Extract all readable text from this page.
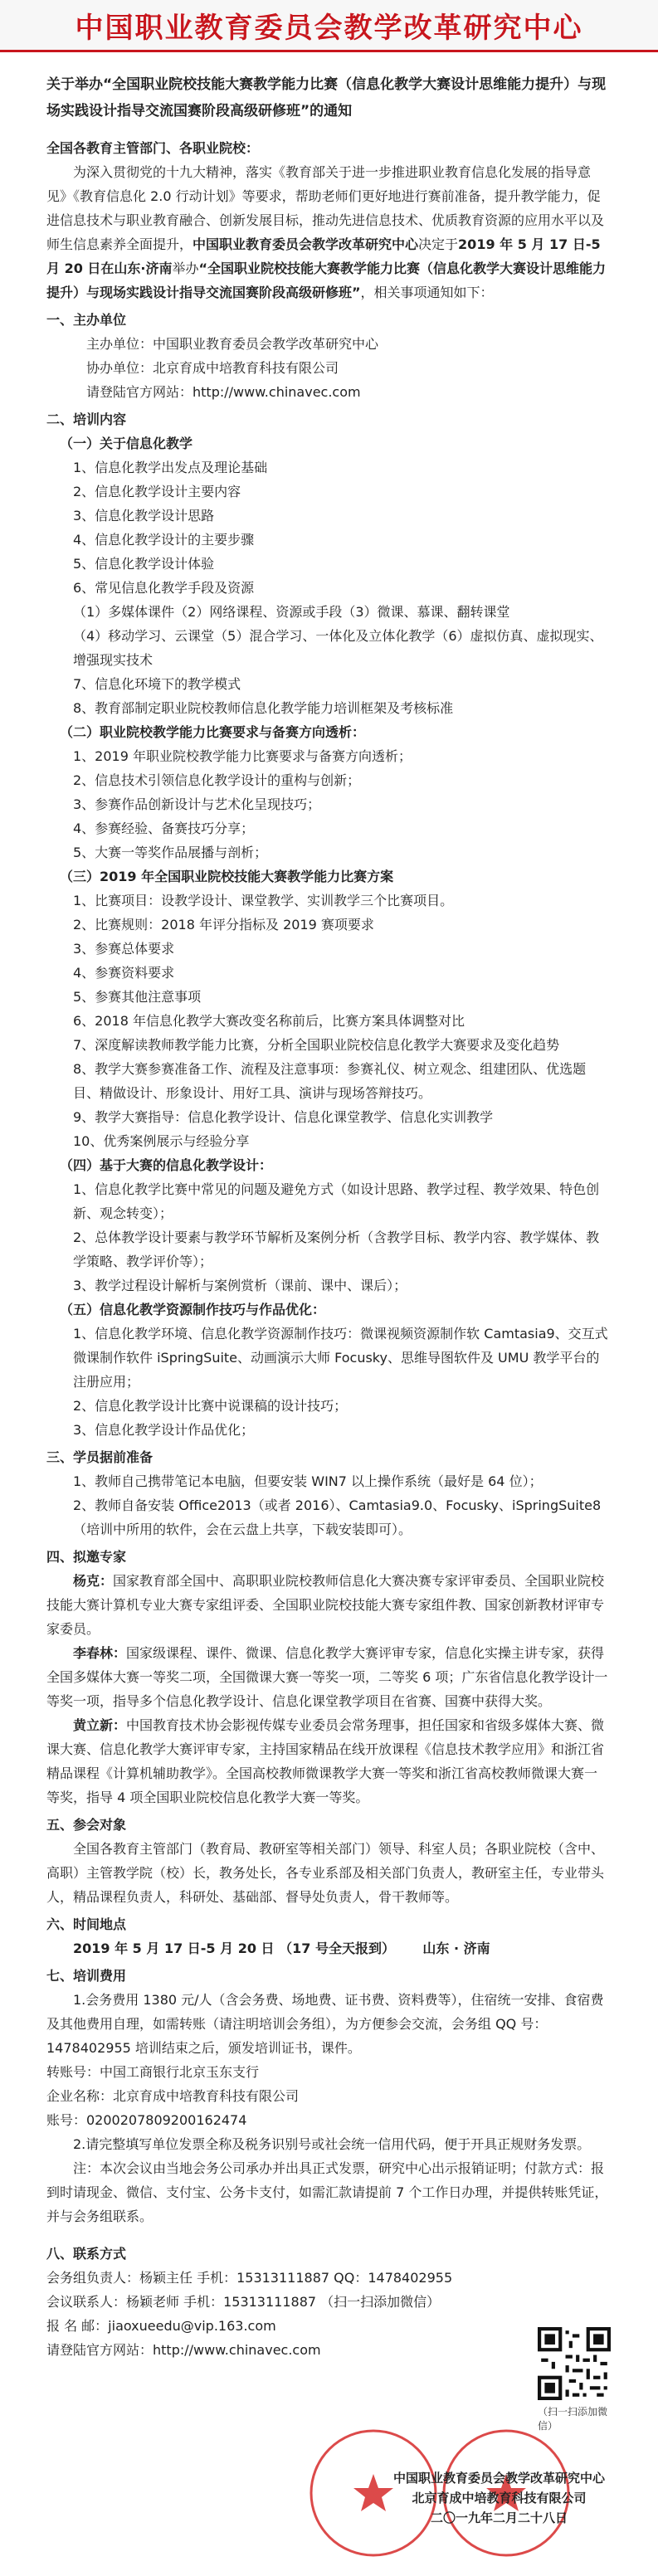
中国职业教育委员会教学改革研究中心
关于举办“全国职业院校技能大赛教学能力比赛（信息化教学大赛设计思维能力提升）与现场实践设计指导交流国赛阶段高级研修班”的通知
全国各教育主管部门、各职业院校：
为深入贯彻党的十九大精神，落实《教育部关于进一步推进职业教育信息化发展的指导意见》《教育信息化 2.0 行动计划》等要求，帮助老师们更好地进行赛前准备，提升教学能力，促进信息技术与职业教育融合、创新发展目标，推动先进信息技术、优质教育资源的应用水平以及师生信息素养全面提升，中国职业教育委员会教学改革研究中心决定于2019 年 5 月 17 日-5 月 20 日在山东·济南举办“全国职业院校技能大赛教学能力比赛（信息化教学大赛设计思维能力提升）与现场实践设计指导交流国赛阶段高级研修班”，相关事项通知如下：
一、主办单位
主办单位：中国职业教育委员会教学改革研究中心
协办单位：北京育成中培教育科技有限公司
请登陆官方网站：http://www.chinavec.com
二、培训内容
（一）关于信息化教学
1、信息化教学出发点及理论基础
2、信息化教学设计主要内容
3、信息化教学设计思路
4、信息化教学设计的主要步骤
5、信息化教学设计体验
6、常见信息化教学手段及资源
（1）多媒体课件（2）网络课程、资源或手段（3）微课、慕课、翻转课堂
（4）移动学习、云课堂（5）混合学习、一体化及立体化教学（6）虚拟仿真、虚拟现实、增强现实技术
7、信息化环境下的教学模式
8、教育部制定职业院校教师信息化教学能力培训框架及考核标准
（二）职业院校教学能力比赛要求与备赛方向透析：
1、2019 年职业院校教学能力比赛要求与备赛方向透析；
2、信息技术引领信息化教学设计的重构与创新；
3、参赛作品创新设计与艺术化呈现技巧；
4、参赛经验、备赛技巧分享；
5、大赛一等奖作品展播与剖析；
（三）2019 年全国职业院校技能大赛教学能力比赛方案
1、比赛项目：设教学设计、课堂教学、实训教学三个比赛项目。
2、比赛规则：2018 年评分指标及 2019 赛项要求
3、参赛总体要求
4、参赛资料要求
5、参赛其他注意事项
6、2018 年信息化教学大赛改变名称前后，比赛方案具体调整对比
7、深度解读教师教学能力比赛，分析全国职业院校信息化教学大赛要求及变化趋势
8、教学大赛参赛准备工作、流程及注意事项：参赛礼仪、树立观念、组建团队、优选题目、精做设计、形象设计、用好工具、演讲与现场答辩技巧。
9、教学大赛指导：信息化教学设计、信息化课堂教学、信息化实训教学
10、优秀案例展示与经验分享
（四）基于大赛的信息化教学设计：
1、信息化教学比赛中常见的问题及避免方式（如设计思路、教学过程、教学效果、特色创新、观念转变）；
2、总体教学设计要素与教学环节解析及案例分析（含教学目标、教学内容、教学媒体、教学策略、教学评价等）；
3、教学过程设计解析与案例赏析（课前、课中、课后）；
（五）信息化教学资源制作技巧与作品优化：
1、信息化教学环境、信息化教学资源制作技巧：微课视频资源制作软 Camtasia9、交互式微课制作软件 iSpringSuite、动画演示大师 Focusky、思维导图软件及 UMU 教学平台的注册应用；
2、信息化教学设计比赛中说课稿的设计技巧；
3、信息化教学设计作品优化；
三、学员据前准备
1、教师自己携带笔记本电脑，但要安装 WIN7 以上操作系统（最好是 64 位）；
2、教师自备安装 Office2013（或者 2016）、Camtasia9.0、Focusky、iSpringSuite8（培训中所用的软件，会在云盘上共享，下载安装即可）。
四、拟邀专家
杨克：国家教育部全国中、高职职业院校教师信息化大赛决赛专家评审委员、全国职业院校技能大赛计算机专业大赛专家组评委、全国职业院校技能大赛专家组件教、国家创新教材评审专家委员。
李春林：国家级课程、课件、微课、信息化教学大赛评审专家，信息化实操主讲专家，获得全国多媒体大赛一等奖二项，全国微课大赛一等奖一项，二等奖 6 项；广东省信息化教学设计一等奖一项，指导多个信息化教学设计、信息化课堂教学项目在省赛、国赛中获得大奖。
黄立新：中国教育技术协会影视传媒专业委员会常务理事，担任国家和省级多媒体大赛、微课大赛、信息化教学大赛评审专家，主持国家精品在线开放课程《信息技术教学应用》和浙江省精品课程《计算机辅助教学》。全国高校教师微课教学大赛一等奖和浙江省高校教师微课大赛一等奖，指导 4 项全国职业院校信息化教学大赛一等奖。
五、参会对象
全国各教育主管部门（教育局、教研室等相关部门）领导、科室人员；各职业院校（含中、高职）主管教学院（校）长，教务处长，各专业系部及相关部门负责人，教研室主任，专业带头人，精品课程负责人，科研处、基础部、督导处负责人，骨干教师等。
六、时间地点
2019 年 5 月 17 日-5 月 20 日 （17 号全天报到） 山东 · 济南
七、培训费用
1.会务费用 1380 元/人（含会务费、场地费、证书费、资料费等），住宿统一安排、食宿费及其他费用自理，如需转账（请注明培训会务组），为方便参会交流，会务组 QQ 号：1478402955 培训结束之后，颁发培训证书，课件。
转账号：中国工商银行北京玉东支行
企业名称：北京育成中培教育科技有限公司
账号：0200207809200162474
2.请完整填写单位发票全称及税务识别号或社会统一信用代码，便于开具正规财务发票。
注：本次会议由当地会务公司承办并出具正式发票，研究中心出示报销证明；付款方式：报到时请现金、微信、支付宝、公务卡支付，如需汇款请提前 7 个工作日办理，并提供转账凭证，并与会务组联系。
八、联系方式
会务组负责人：杨颖主任 手机：15313111887 QQ：1478402955
会议联系人：杨颖老师 手机：15313111887 （扫一扫添加微信）
报 名 邮：jiaoxueedu@vip.163.com
请登陆官方网站：http://www.chinavec.com
中国职业教育委员会教学改革研究中心
北京育成中培教育科技有限公司
二〇一九年二月二十八日
（扫一扫添加微信）
